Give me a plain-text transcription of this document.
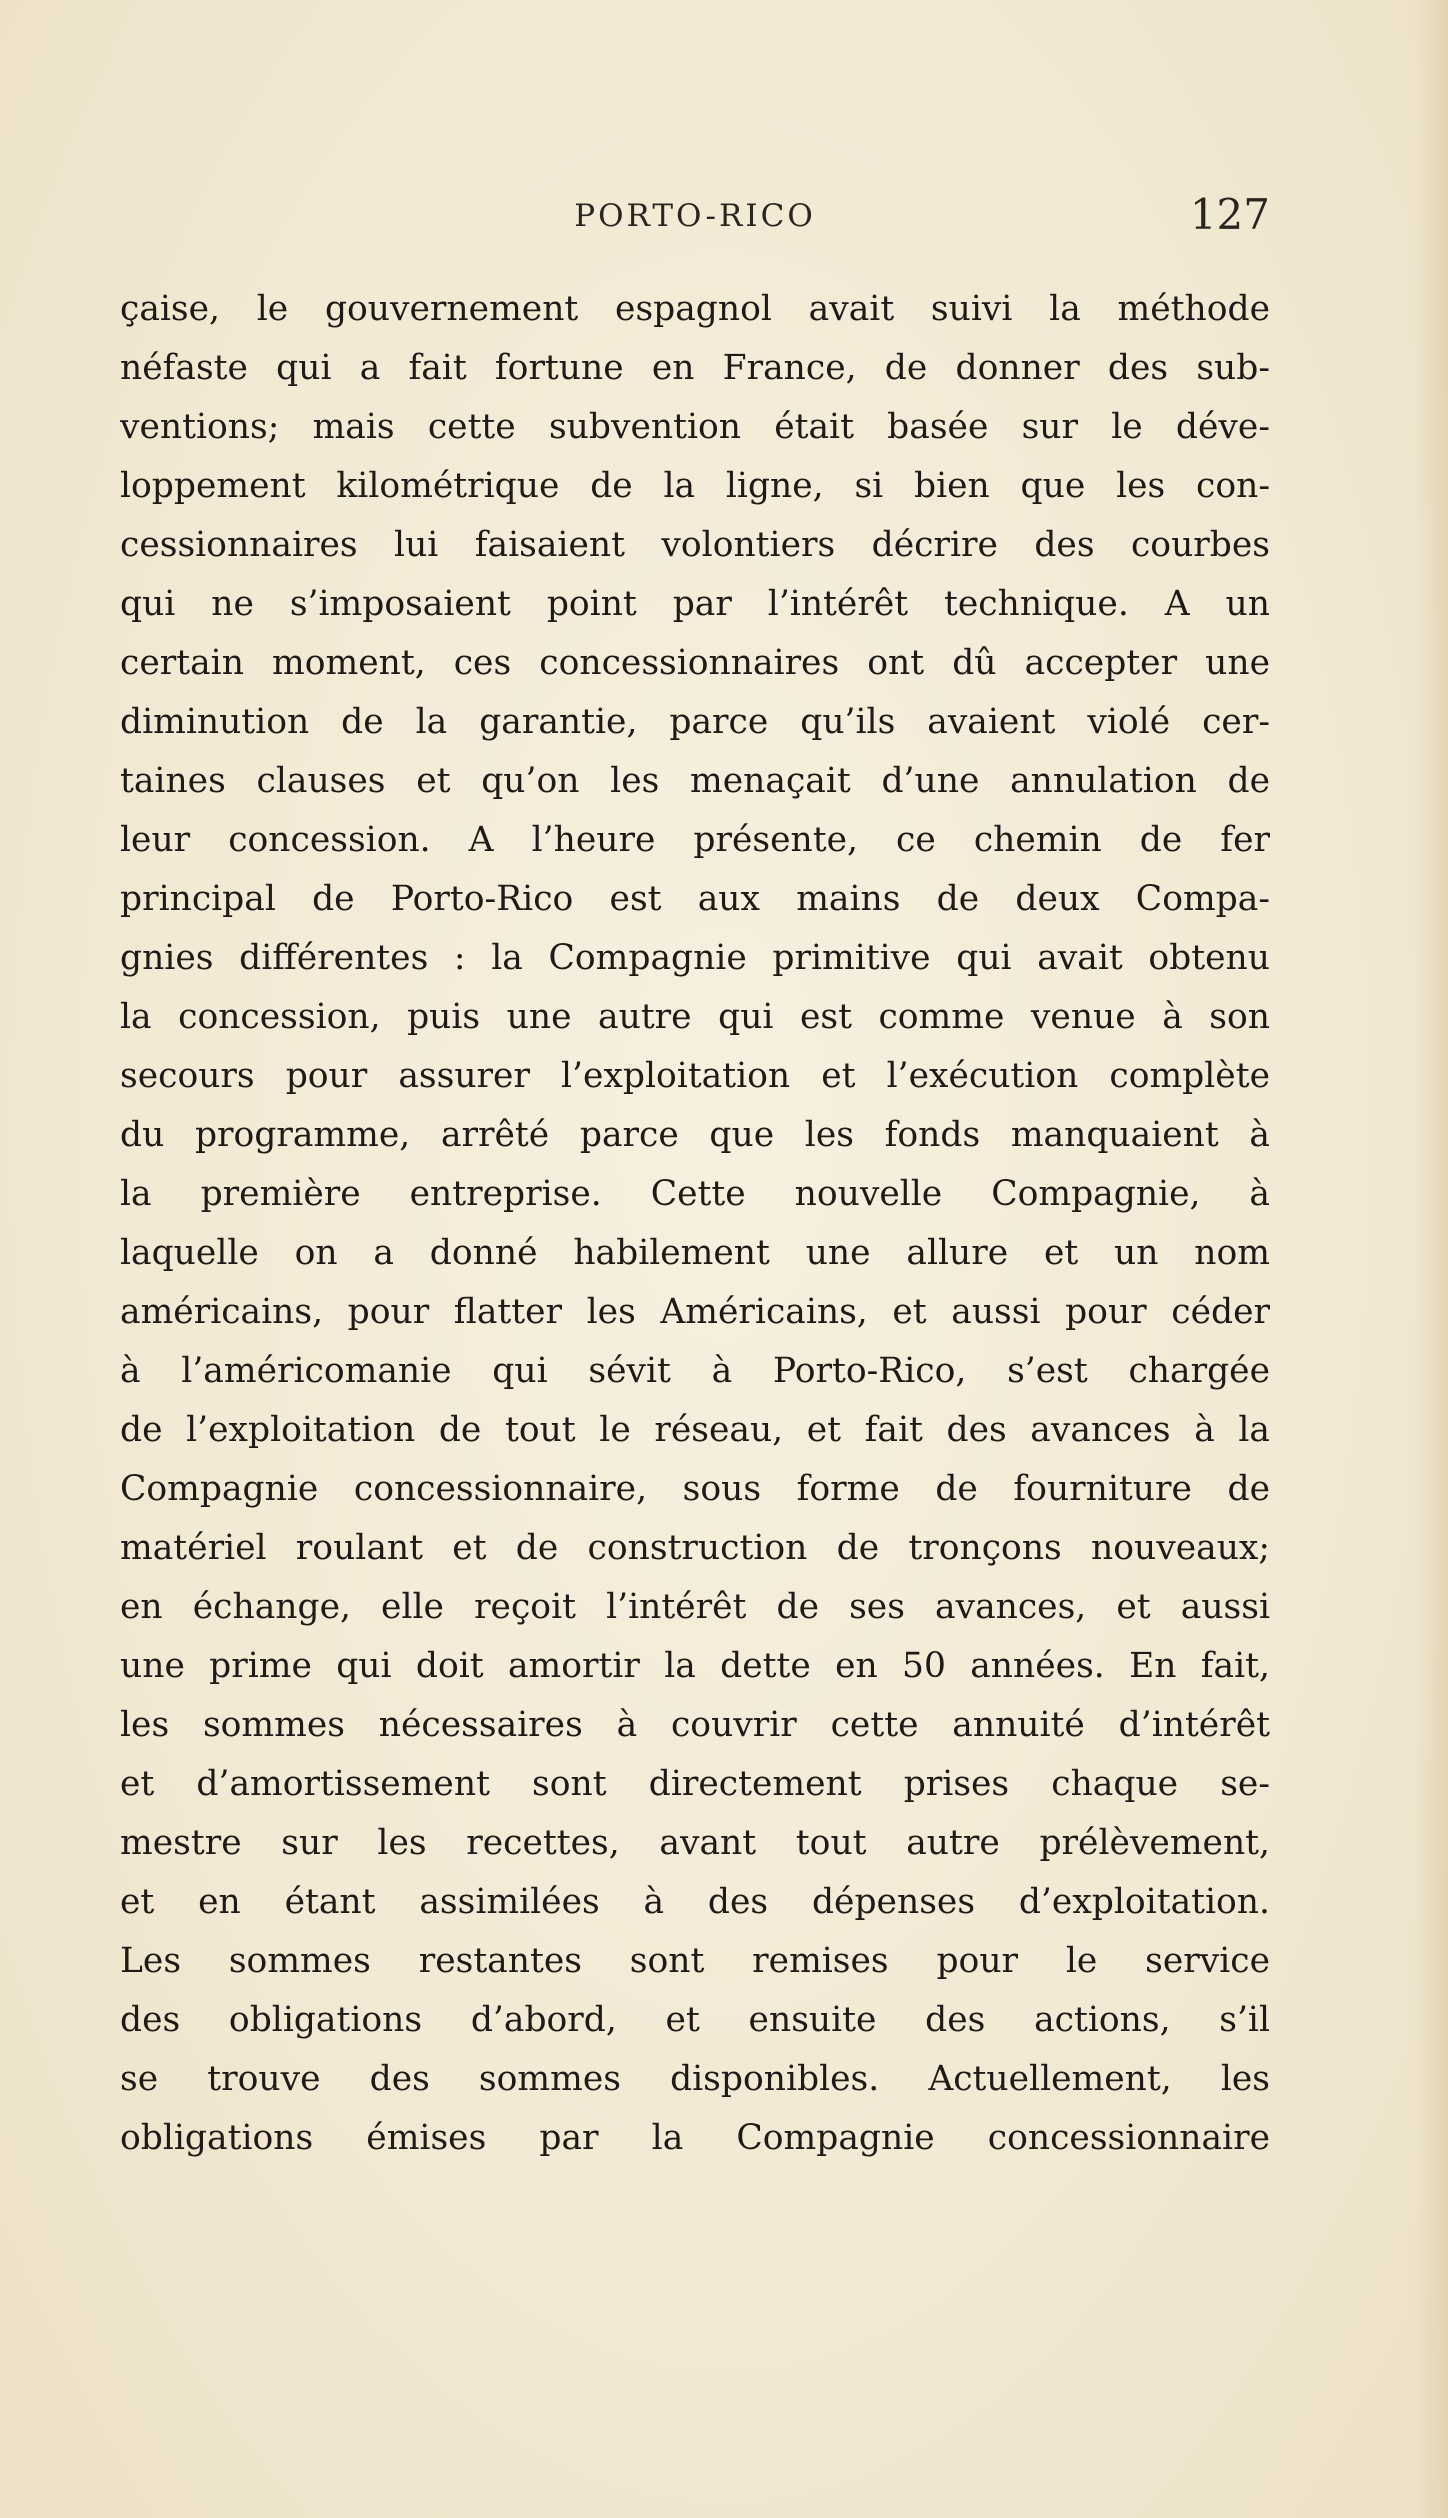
PORTO-RICO	127
çaise, le gouvernement espagnol avait suivi la méthode
néfaste qui a fait fortune en France, de donner des sub-
ventions; mais cette subvention était basée sur le déve-
loppement kilométrique de la ligne, si bien que les con-
cessionnaires lui faisaient volontiers décrire des courbes
qui ne s’imposaient point par l’intérêt technique. A un
certain moment, ces concessionnaires ont dû accepter une
diminution de la garantie, parce qu’ils avaient violé cer-
taines clauses et qu’on les menaçait d’une annulation de
leur concession. A l’heure présente, ce chemin de fer
principal de Porto-Rico est aux mains de deux Compa-
gnies différentes : la Compagnie primitive qui avait obtenu
la concession, puis une autre qui est comme venue à son
secours pour assurer l’exploitation et l’exécution complète
du programme, arrêté parce que les fonds manquaient à
la première entreprise. Cette nouvelle Compagnie, à
laquelle on a donné habilement une allure et un nom
américains, pour flatter les Américains, et aussi pour céder
à l’américomanie qui sévit à Porto-Rico, s’est chargée
de l’exploitation de tout le réseau, et fait des avances à la
Compagnie concessionnaire, sous forme de fourniture de
matériel roulant et de construction de tronçons nouveaux;
en échange, elle reçoit l’intérêt de ses avances, et aussi
une prime qui doit amortir la dette en 50 années. En fait,
les sommes nécessaires à couvrir cette annuité d’intérêt
et d’amortissement sont directement prises chaque se-
mestre sur les recettes, avant tout autre prélèvement,
et en étant assimilées à des dépenses d’exploitation.
Les sommes restantes sont remises pour le service
des obligations d’abord, et ensuite des actions, s’il
se trouve des sommes disponibles. Actuellement, les
obligations émises par la Compagnie concessionnaire
